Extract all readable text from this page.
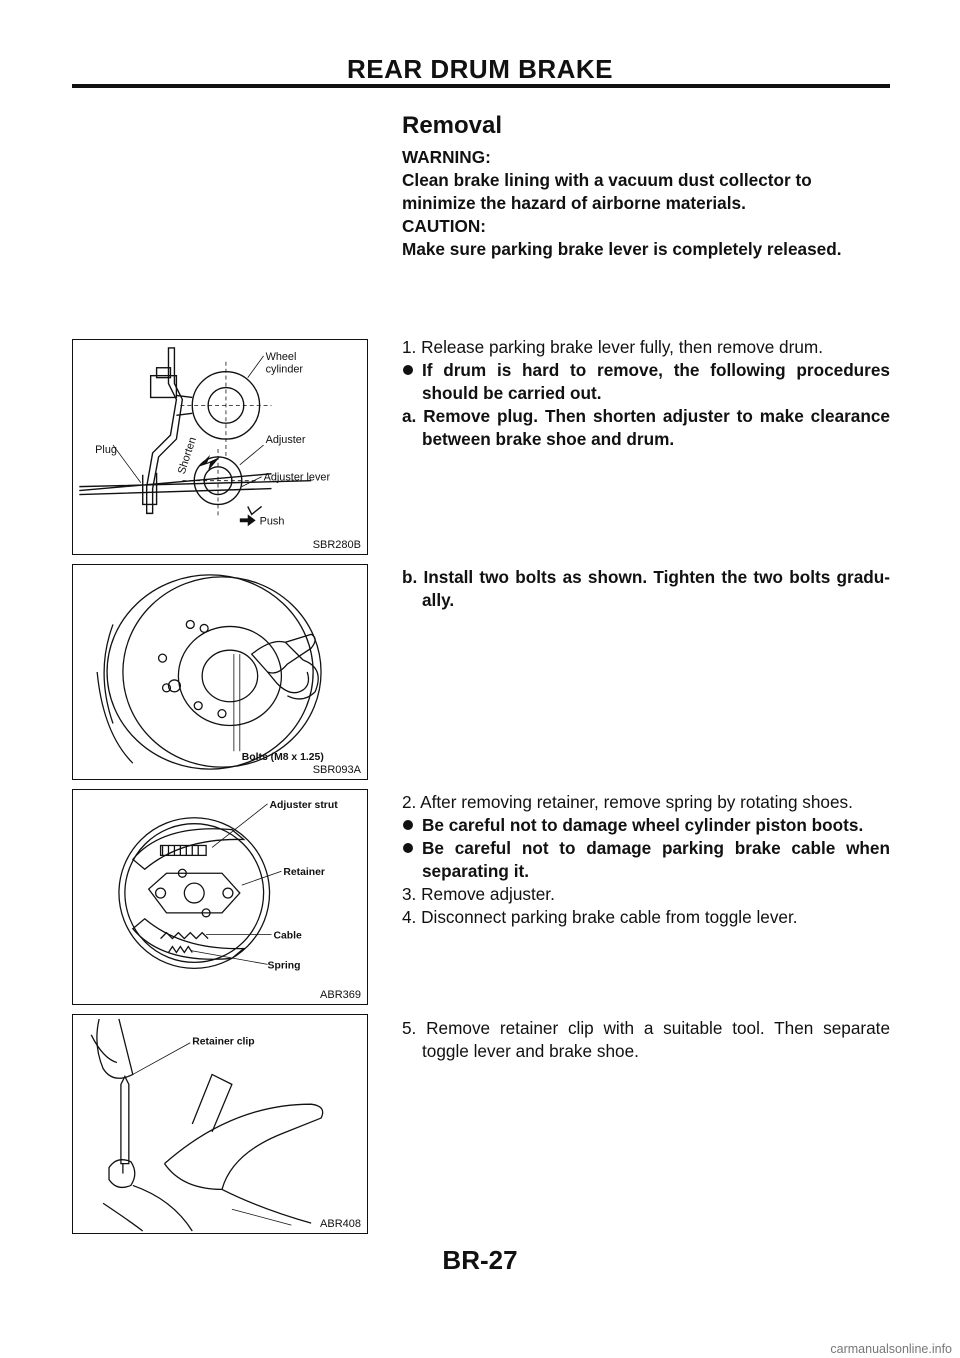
REAR DRUM BRAKE
Removal

WARNING:

Clean brake lining with a vacuum dust collector to minimize the hazard of airborne materials.

CAUTION:

Make sure parking brake lever is completely released.

1. Release parking brake lever fully, then remove drum.

If drum is hard to remove, the following procedures should be carried out.

a. Remove plug. Then shorten adjuster to make clearance between brake shoe and drum.

b. Install two bolts as shown. Tighten the two bolts gradu- ally.

2. After removing retainer, remove spring by rotating shoes.

Be careful not to damage wheel cylinder piston boots.
Be careful not to damage parking brake cable when separating it.

3. Remove adjuster.

4. Disconnect parking brake cable from toggle lever.

5. Remove retainer clip with a suitable tool. Then separate toggle lever and brake shoe.

Wheel
cylinder
Adjuster
Adjuster lever
Plug	Shorten
Push
SBR280B
Bolts (M8 x 1.25)
SBR093A
Adjuster strut
Retainer
Cable
Spring
ABR369
Retainer clip
ABR408
BR-27
carmanualsonline.info
